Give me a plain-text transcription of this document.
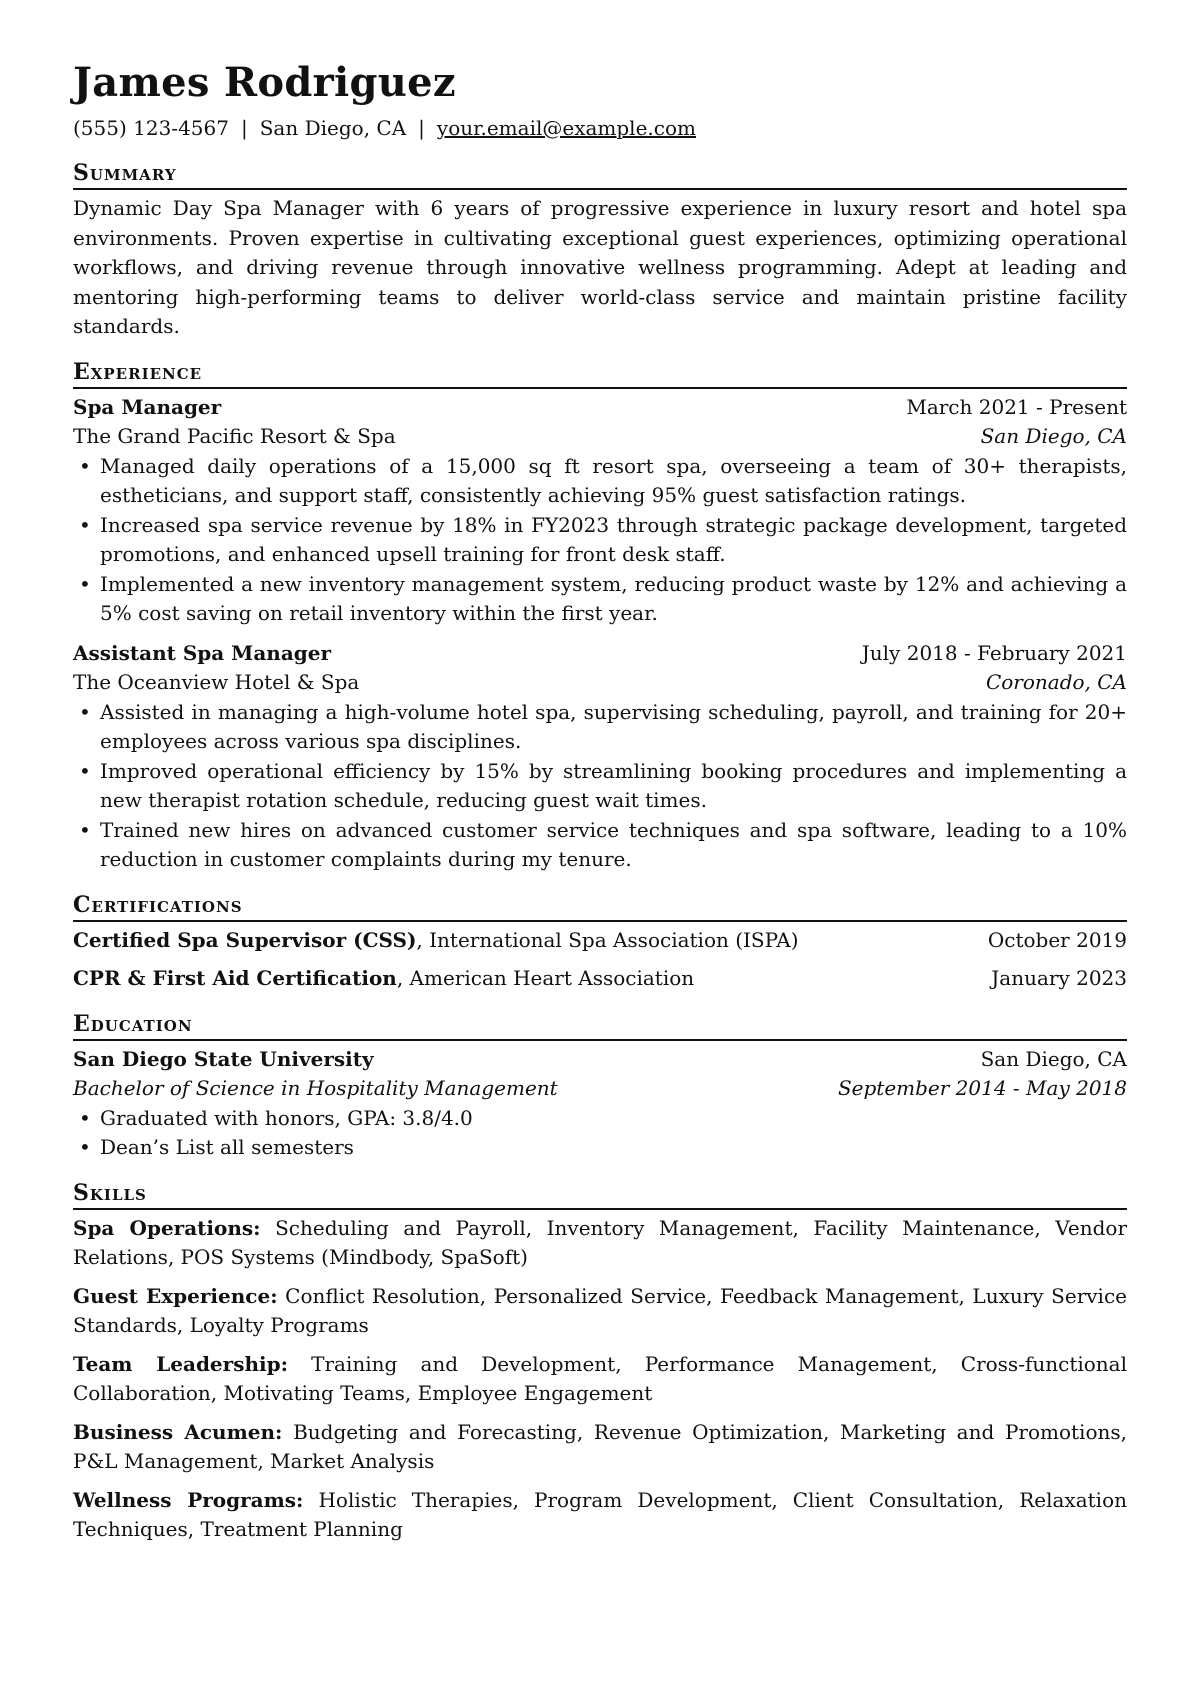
James Rodriguez
(555) 123-4567 | San Diego, CA | your.email@example.com
Summary

Dynamic Day Spa Manager with 6 years of progressive experience in luxury resort and hotel spa environments. Proven expertise in cultivating exceptional guest experiences, optimizing operational workflows, and driving revenue through innovative wellness programming. Adept at leading and mentoring high-performing teams to deliver world-class service and maintain pristine facility standards.

Experience
Spa Manager	March 2021 - Present
The Grand Pacific Resort & Spa	San Diego, CA
• Managed daily operations of a 15,000 sq ft resort spa, overseeing a team of 30+ therapists, estheticians, and support staff, consistently achieving 95% guest satisfaction ratings.
• Increased spa service revenue by 18% in FY2023 through strategic package development, targeted promotions, and enhanced upsell training for front desk staff.
• Implemented a new inventory management system, reducing product waste by 12% and achieving a 5% cost saving on retail inventory within the first year.
Assistant Spa Manager	July 2018 - February 2021
The Oceanview Hotel & Spa	Coronado, CA
• Assisted in managing a high-volume hotel spa, supervising scheduling, payroll, and training for 20+ employees across various spa disciplines.
• Improved operational efficiency by 15% by streamlining booking procedures and implementing a new therapist rotation schedule, reducing guest wait times.
• Trained new hires on advanced customer service techniques and spa software, leading to a 10% reduction in customer complaints during my tenure.
Certifications
Certified Spa Supervisor (CSS), International Spa Association (ISPA)	October 2019
CPR & First Aid Certification, American Heart Association	January 2023
Education
San Diego State University	San Diego, CA
Bachelor of Science in Hospitality Management	September 2014 - May 2018
• Graduated with honors, GPA: 3.8/4.0
• Dean’s List all semesters
Skills
Spa Operations: Scheduling and Payroll, Inventory Management, Facility Maintenance, Vendor Relations, POS Systems (Mindbody, SpaSoft)
Guest Experience: Conflict Resolution, Personalized Service, Feedback Management, Luxury Service Standards, Loyalty Programs
Team Leadership: Training and Development, Performance Management, Cross-functional Collaboration, Motivating Teams, Employee Engagement
Business Acumen: Budgeting and Forecasting, Revenue Optimization, Marketing and Promotions, P&L Management, Market Analysis
Wellness Programs: Holistic Therapies, Program Development, Client Consultation, Relaxation Techniques, Treatment Planning
